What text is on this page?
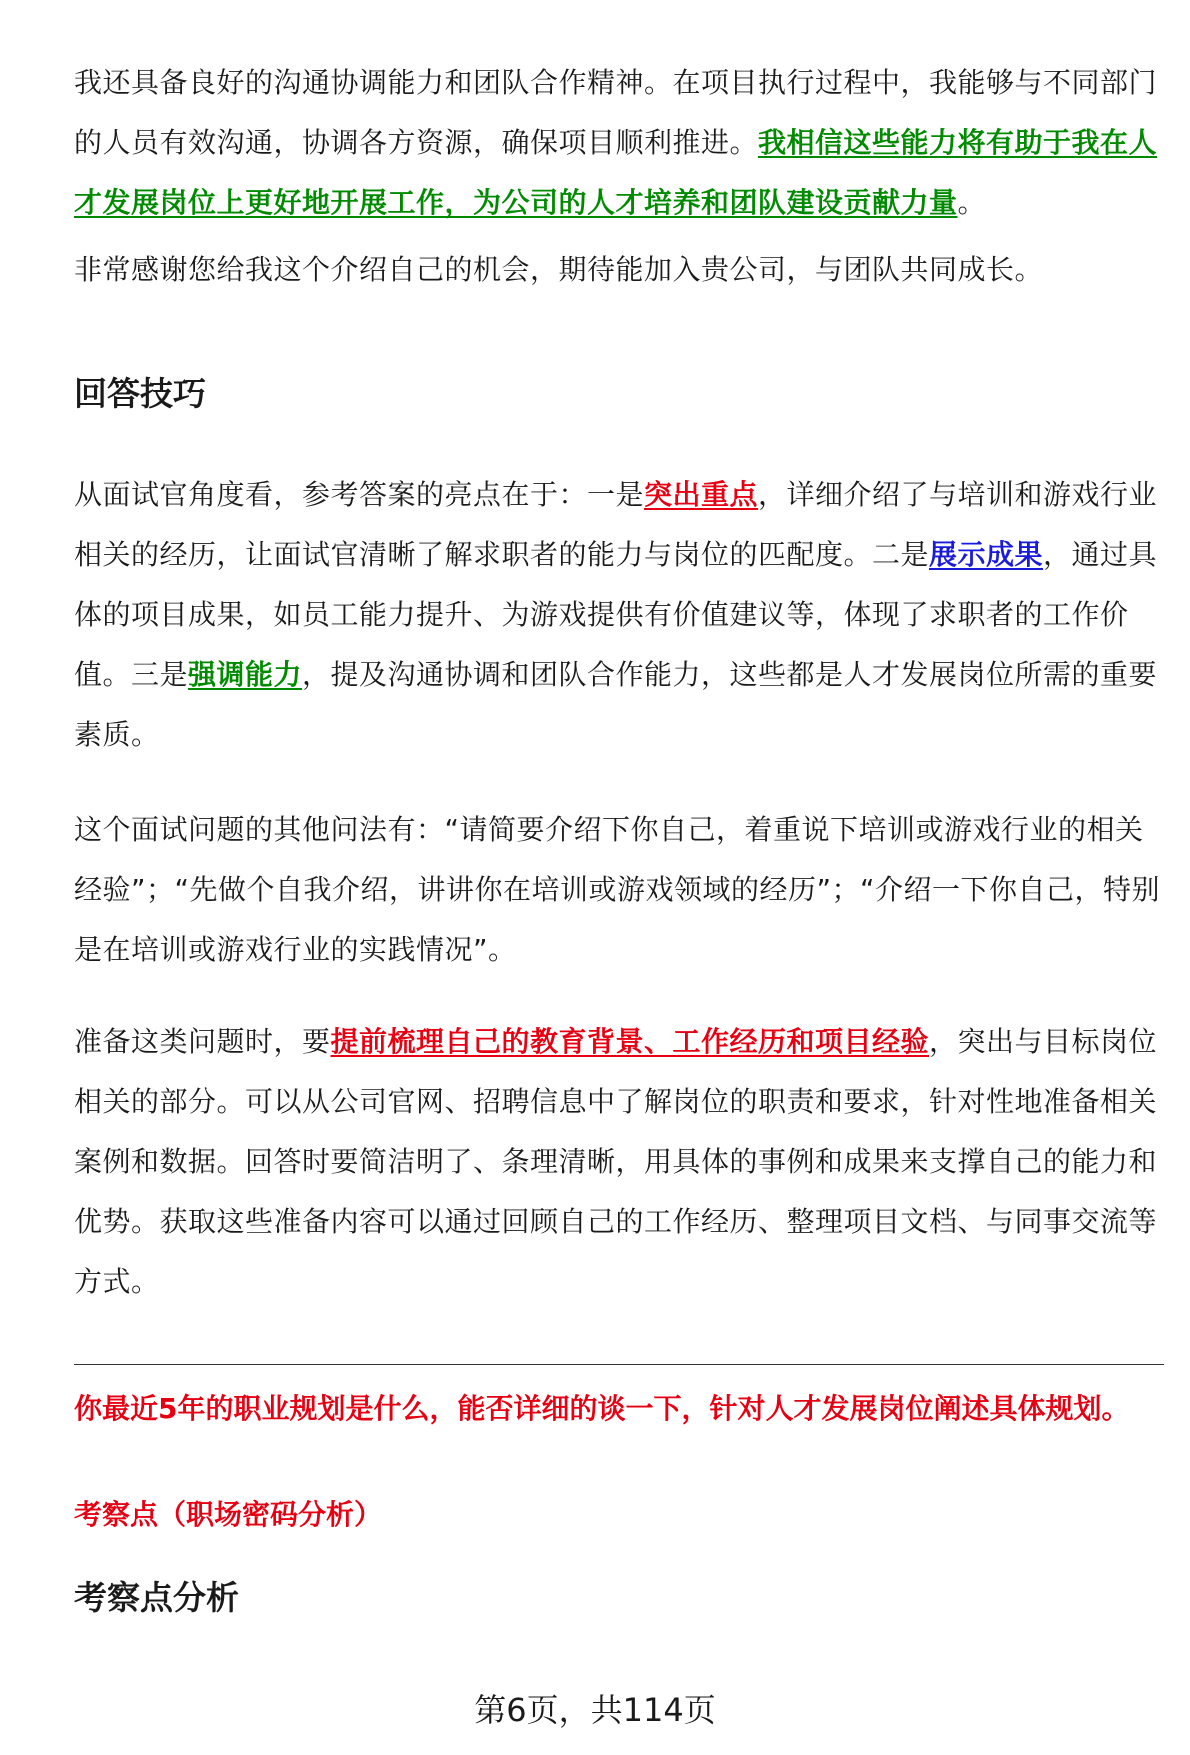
我还具备良好的沟通协调能力和团队合作精神。在项目执行过程中，我能够与不同部门的人员有效沟通，协调各方资源，确保项目顺利推进。我相信这些能力将有助于我在人才发展岗位上更好地开展工作，为公司的人才培养和团队建设贡献力量。

非常感谢您给我这个介绍自己的机会，期待能加入贵公司，与团队共同成长。

回答技巧

从面试官角度看，参考答案的亮点在于：一是突出重点，详细介绍了与培训和游戏行业相关的经历，让面试官清晰了解求职者的能力与岗位的匹配度。二是展示成果，通过具体的项目成果，如员工能力提升、为游戏提供有价值建议等，体现了求职者的工作价值。三是强调能力，提及沟通协调和团队合作能力，这些都是人才发展岗位所需的重要素质。

这个面试问题的其他问法有：“请简要介绍下你自己，着重说下培训或游戏行业的相关经验”；“先做个自我介绍，讲讲你在培训或游戏领域的经历”；“介绍一下你自己，特别是在培训或游戏行业的实践情况”。

准备这类问题时，要提前梳理自己的教育背景、工作经历和项目经验，突出与目标岗位相关的部分。可以从公司官网、招聘信息中了解岗位的职责和要求，针对性地准备相关案例和数据。回答时要简洁明了、条理清晰，用具体的事例和成果来支撑自己的能力和优势。获取这些准备内容可以通过回顾自己的工作经历、整理项目文档、与同事交流等方式。

你最近5年的职业规划是什么，能否详细的谈一下，针对人才发展岗位阐述具体规划。

考察点（职场密码分析）

考察点分析
第6页，共114页
